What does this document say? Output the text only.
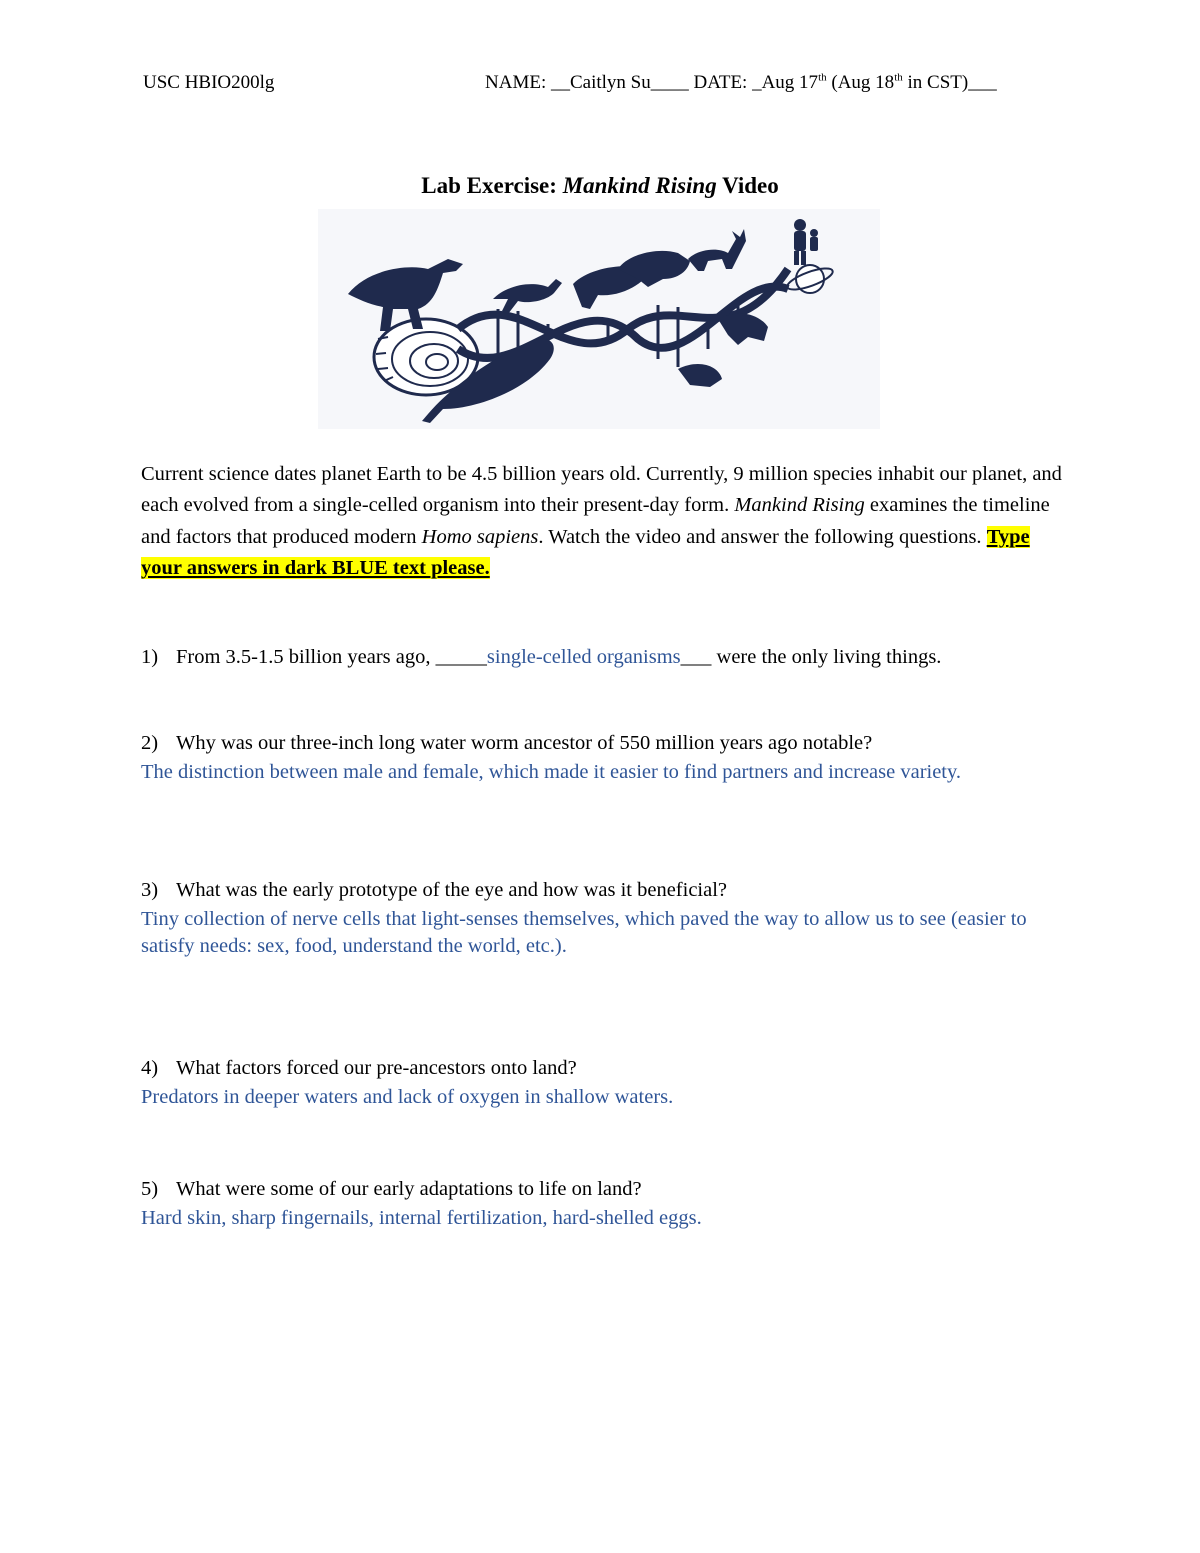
USC HBIO200lg	NAME: __Caitlyn Su____ DATE: _Aug 17th (Aug 18th in CST)___
Lab Exercise: Mankind Rising Video
Current science dates planet Earth to be 4.5 billion years old. Currently, 9 million species inhabit our planet, and each evolved from a single-celled organism into their present-day form. Mankind Rising examines the timeline and factors that produced modern Homo sapiens. Watch the video and answer the following questions. Type your answers in dark BLUE text please.
1) From 3.5-1.5 billion years ago, _____single-celled organisms___ were the only living things.
2) Why was our three-inch long water worm ancestor of 550 million years ago notable?
The distinction between male and female, which made it easier to find partners and increase variety.
3) What was the early prototype of the eye and how was it beneficial?
Tiny collection of nerve cells that light-senses themselves, which paved the way to allow us to see (easier to satisfy needs: sex, food, understand the world, etc.).
4) What factors forced our pre-ancestors onto land?
Predators in deeper waters and lack of oxygen in shallow waters.
5) What were some of our early adaptations to life on land?
Hard skin, sharp fingernails, internal fertilization, hard-shelled eggs.
